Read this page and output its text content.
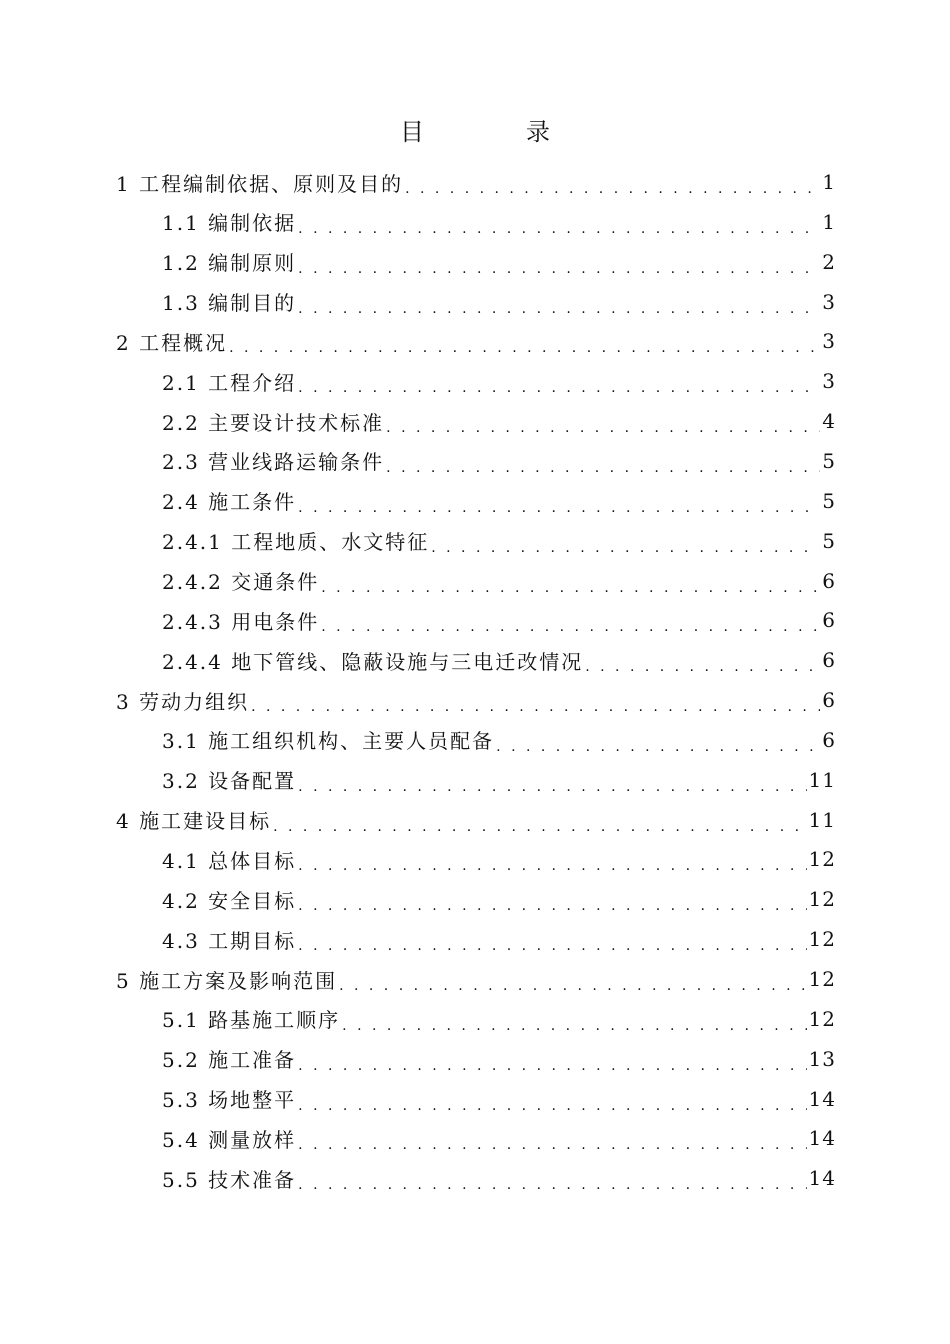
目	录
1 工程编制依据、原则及目的 . . .	1
1.1 编制依据 . . .	1
1.2 编制原则 . . .	2
1.3 编制目的 . . .	3
2 工程概况 . . .	3
2.1 工程介绍 . . .	3
2.2 主要设计技术标准 . . .	4
2.3 营业线路运输条件 . . .	5
2.4 施工条件 . . .	5
2.4.1 工程地质、水文特征 . . .	5
2.4.2 交通条件 . . .	6
2.4.3 用电条件 . . .	6
2.4.4 地下管线、隐蔽设施与三电迁改情况 . . .	6
3 劳动力组织 . . .	6
3.1 施工组织机构、主要人员配备 . . .	6
3.2 设备配置 . . .	11
4 施工建设目标 . . .	11
4.1 总体目标 . . .	12
4.2 安全目标 . . .	12
4.3 工期目标 . . .	12
5 施工方案及影响范围 . . .	12
5.1 路基施工顺序 . . .	12
5.2 施工准备 . . .	13
5.3 场地整平 . . .	14
5.4 测量放样 . . .	14
5.5 技术准备 . . .	14
